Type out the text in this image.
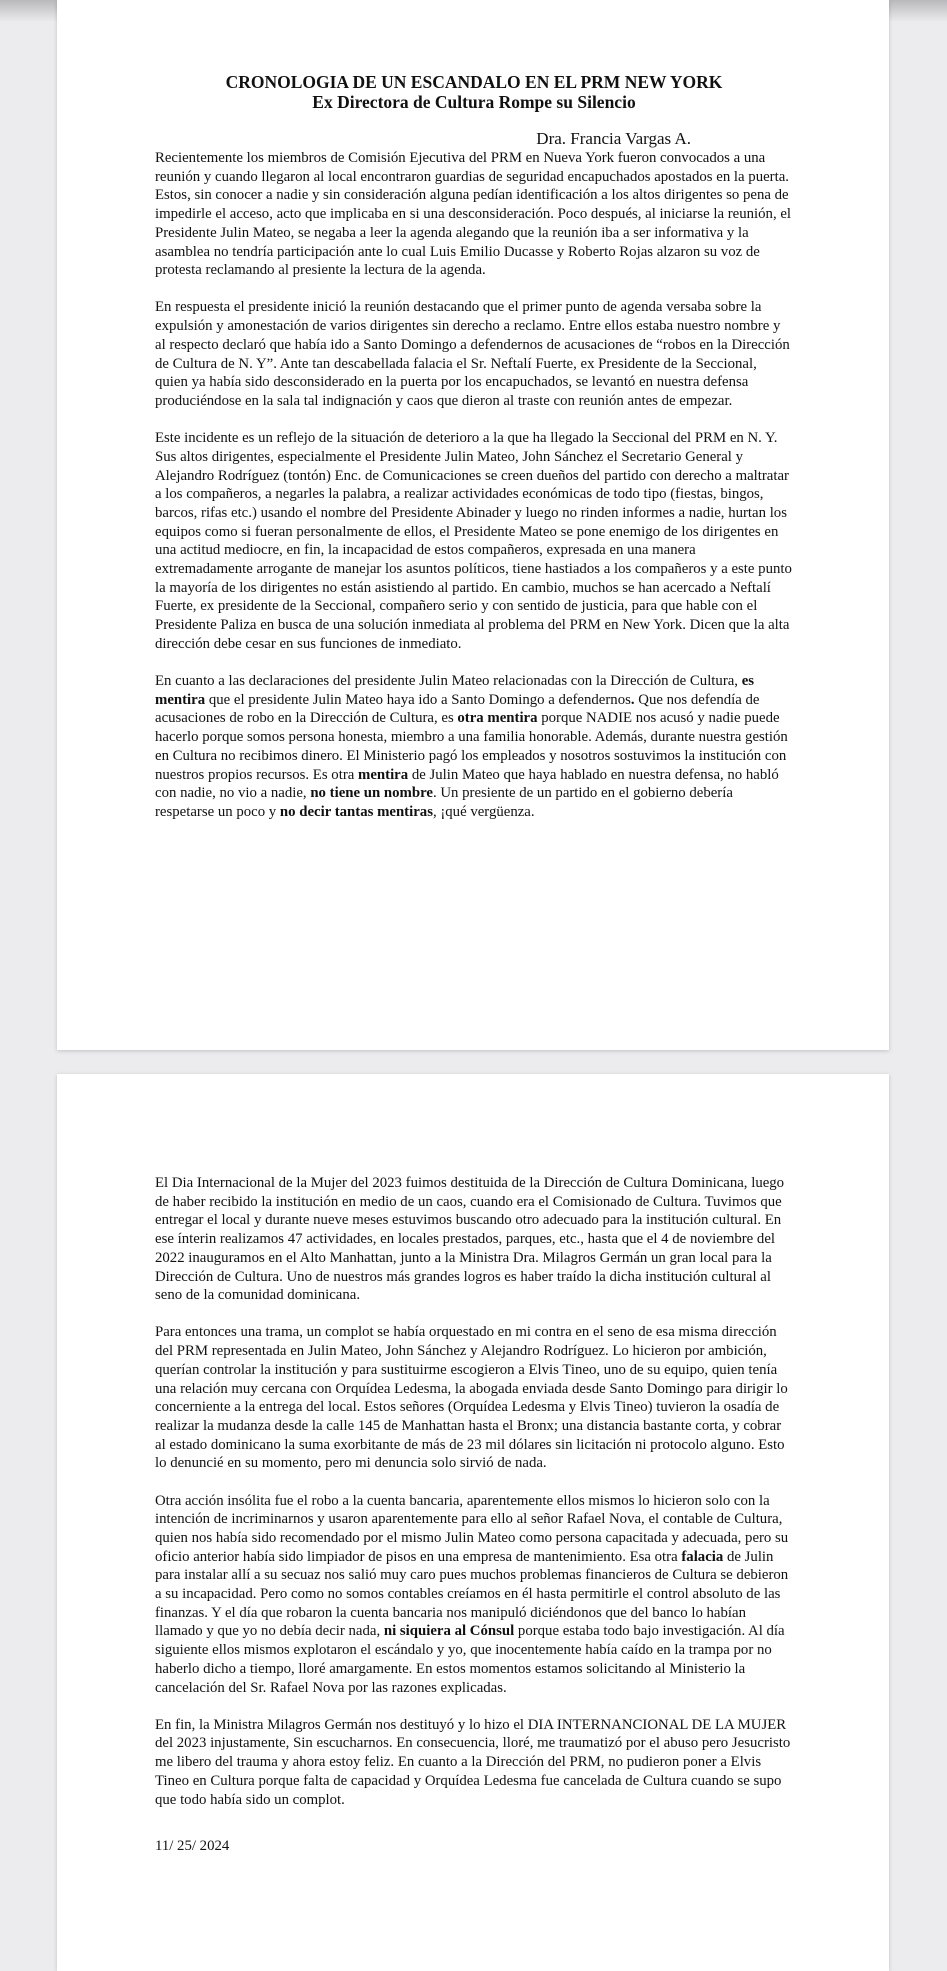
CRONOLOGIA DE UN ESCANDALO EN EL PRM NEW YORK

Ex Directora de Cultura Rompe su Silencio

Dra. Francia Vargas A.

Recientemente los miembros de Comisión Ejecutiva del PRM en Nueva York fueron convocados a una reunión y cuando llegaron al local encontraron guardias de seguridad encapuchados apostados en la puerta. Estos, sin conocer a nadie y sin consideración alguna pedían identificación a los altos dirigentes so pena de impedirle el acceso, acto que implicaba en si una desconsideración. Poco después, al iniciarse la reunión, el Presidente Julin Mateo, se negaba a leer la agenda alegando que la reunión iba a ser informativa y la asamblea no tendría participación ante lo cual Luis Emilio Ducasse y Roberto Rojas alzaron su voz de protesta reclamando al presiente la lectura de la agenda.

En respuesta el presidente inició la reunión destacando que el primer punto de agenda versaba sobre la expulsión y amonestación de varios dirigentes sin derecho a reclamo. Entre ellos estaba nuestro nombre y al respecto declaró que había ido a Santo Domingo a defendernos de acusaciones de “robos en la Dirección de Cultura de N. Y”. Ante tan descabellada falacia el Sr. Neftalí Fuerte, ex Presidente de la Seccional, quien ya había sido desconsiderado en la puerta por los encapuchados, se levantó en nuestra defensa produciéndose en la sala tal indignación y caos que dieron al traste con reunión antes de empezar.

Este incidente es un reflejo de la situación de deterioro a la que ha llegado la Seccional del PRM en N. Y. Sus altos dirigentes, especialmente el Presidente Julin Mateo, John Sánchez el Secretario General y Alejandro Rodríguez (tontón) Enc. de Comunicaciones se creen dueños del partido con derecho a maltratar a los compañeros, a negarles la palabra, a realizar actividades económicas de todo tipo (fiestas, bingos, barcos, rifas etc.) usando el nombre del Presidente Abinader y luego no rinden informes a nadie, hurtan los equipos como si fueran personalmente de ellos, el Presidente Mateo se pone enemigo de los dirigentes en una actitud mediocre, en fin, la incapacidad de estos compañeros, expresada en una manera extremadamente arrogante de manejar los asuntos políticos, tiene hastiados a los compañeros y a este punto la mayoría de los dirigentes no están asistiendo al partido. En cambio, muchos se han acercado a Neftalí Fuerte, ex presidente de la Seccional, compañero serio y con sentido de justicia, para que hable con el Presidente Paliza en busca de una solución inmediata al problema del PRM en New York. Dicen que la alta dirección debe cesar en sus funciones de inmediato.

En cuanto a las declaraciones del presidente Julin Mateo relacionadas con la Dirección de Cultura, es mentira que el presidente Julin Mateo haya ido a Santo Domingo a defendernos. Que nos defendía de acusaciones de robo en la Dirección de Cultura, es otra mentira porque NADIE nos acusó y nadie puede hacerlo porque somos persona honesta, miembro a una familia honorable. Además, durante nuestra gestión en Cultura no recibimos dinero. El Ministerio pagó los empleados y nosotros sostuvimos la institución con nuestros propios recursos. Es otra mentira de Julin Mateo que haya hablado en nuestra defensa, no habló con nadie, no vio a nadie, no tiene un nombre. Un presiente de un partido en el gobierno debería respetarse un poco y no decir tantas mentiras, ¡qué vergüenza.

El Dia Internacional de la Mujer del 2023 fuimos destituida de la Dirección de Cultura Dominicana, luego de haber recibido la institución en medio de un caos, cuando era el Comisionado de Cultura. Tuvimos que entregar el local y durante nueve meses estuvimos buscando otro adecuado para la institución cultural. En ese ínterin realizamos 47 actividades, en locales prestados, parques, etc., hasta que el 4 de noviembre del 2022 inauguramos en el Alto Manhattan, junto a la Ministra Dra. Milagros Germán un gran local para la Dirección de Cultura. Uno de nuestros más grandes logros es haber traído la dicha institución cultural al seno de la comunidad dominicana.

Para entonces una trama, un complot se había orquestado en mi contra en el seno de esa misma dirección del PRM representada en Julin Mateo, John Sánchez y Alejandro Rodríguez. Lo hicieron por ambición, querían controlar la institución y para sustituirme escogieron a Elvis Tineo, uno de su equipo, quien tenía una relación muy cercana con Orquídea Ledesma, la abogada enviada desde Santo Domingo para dirigir lo concerniente a la entrega del local. Estos señores (Orquídea Ledesma y Elvis Tineo) tuvieron la osadía de realizar la mudanza desde la calle 145 de Manhattan hasta el Bronx; una distancia bastante corta, y cobrar al estado dominicano la suma exorbitante de más de 23 mil dólares sin licitación ni protocolo alguno. Esto lo denuncié en su momento, pero mi denuncia solo sirvió de nada.

Otra acción insólita fue el robo a la cuenta bancaria, aparentemente ellos mismos lo hicieron solo con la intención de incriminarnos y usaron aparentemente para ello al señor Rafael Nova, el contable de Cultura, quien nos había sido recomendado por el mismo Julin Mateo como persona capacitada y adecuada, pero su oficio anterior había sido limpiador de pisos en una empresa de mantenimiento. Esa otra falacia de Julin para instalar allí a su secuaz nos salió muy caro pues muchos problemas financieros de Cultura se debieron a su incapacidad. Pero como no somos contables creíamos en él hasta permitirle el control absoluto de las finanzas. Y el día que robaron la cuenta bancaria nos manipuló diciéndonos que del banco lo habían llamado y que yo no debía decir nada, ni siquiera al Cónsul porque estaba todo bajo investigación. Al día siguiente ellos mismos explotaron el escándalo y yo, que inocentemente había caído en la trampa por no haberlo dicho a tiempo, lloré amargamente. En estos momentos estamos solicitando al Ministerio la cancelación del Sr. Rafael Nova por las razones explicadas.

En fin, la Ministra Milagros Germán nos destituyó y lo hizo el DIA INTERNANCIONAL DE LA MUJER del 2023 injustamente, Sin escucharnos. En consecuencia, lloré, me traumatizó por el abuso pero Jesucristo me libero del trauma y ahora estoy feliz. En cuanto a la Dirección del PRM, no pudieron poner a Elvis Tineo en Cultura porque falta de capacidad y Orquídea Ledesma fue cancelada de Cultura cuando se supo que todo había sido un complot.

11/ 25/ 2024
